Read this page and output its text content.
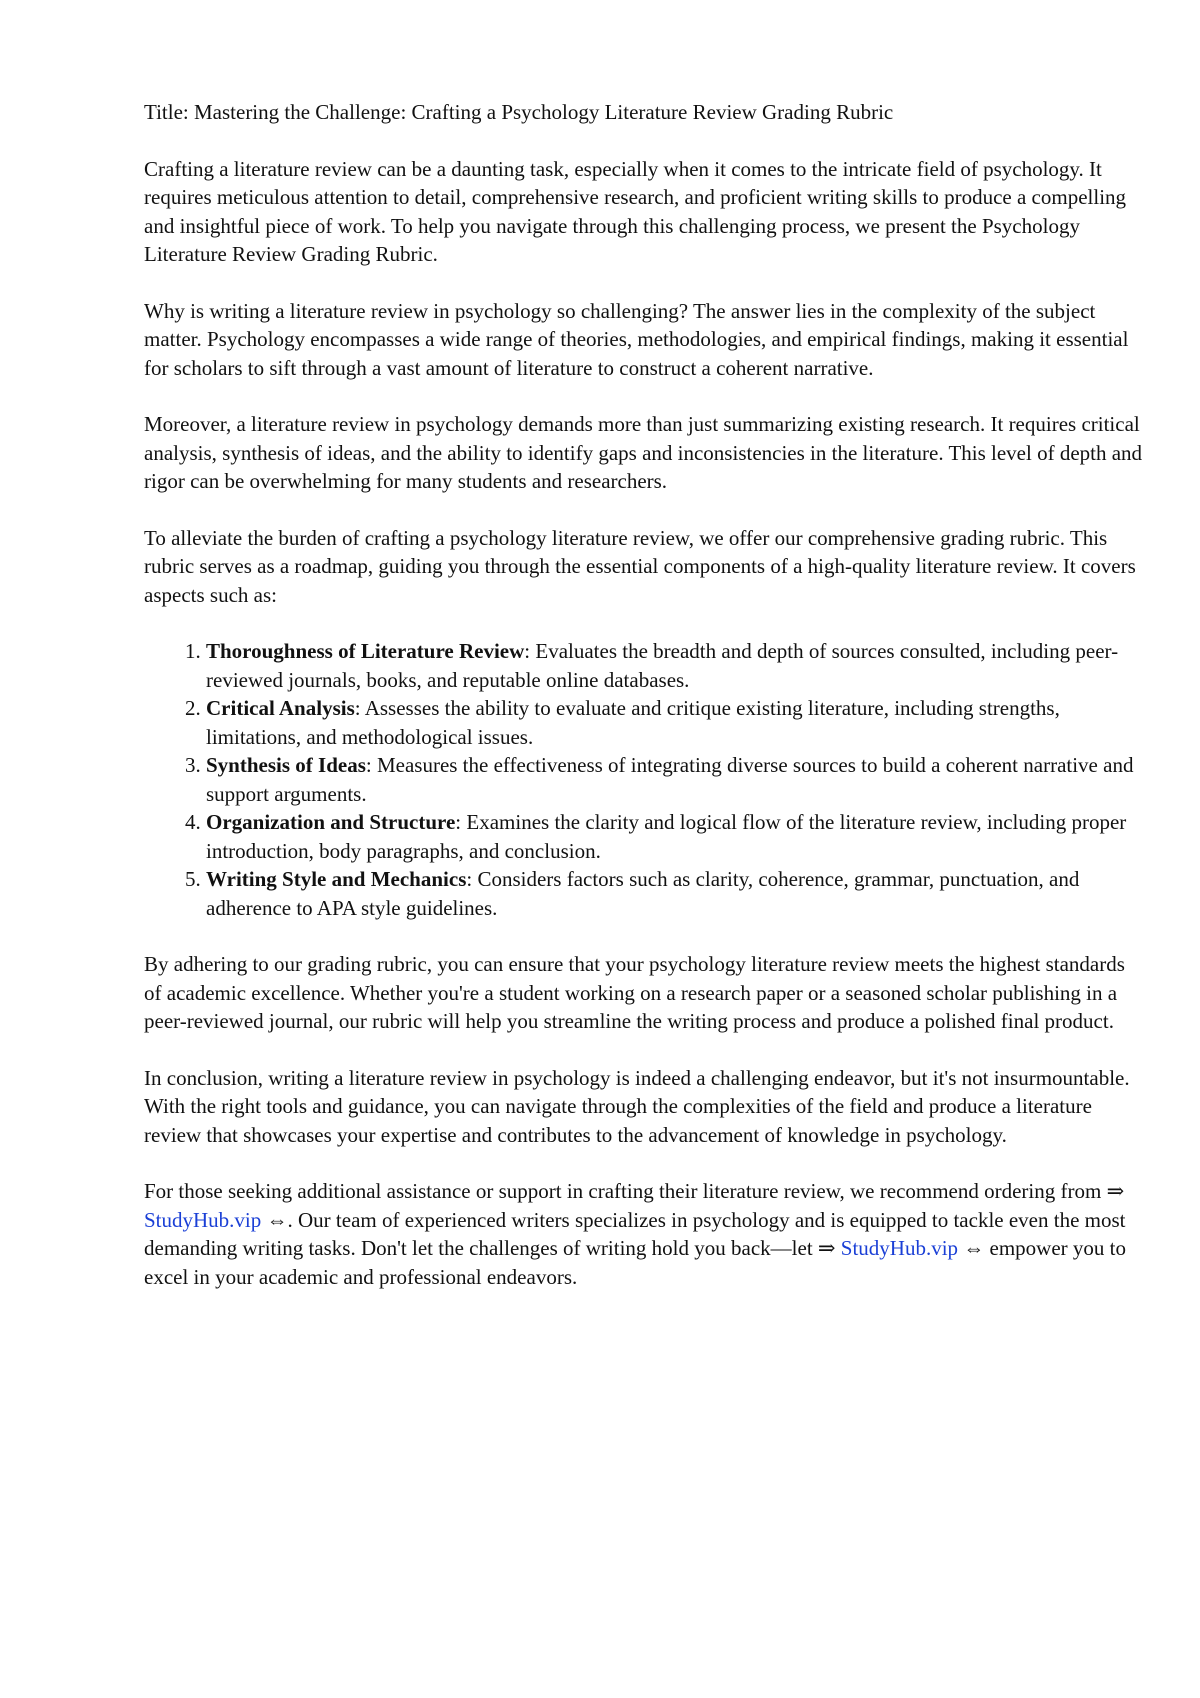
Title: Mastering the Challenge: Crafting a Psychology Literature Review Grading Rubric

Crafting a literature review can be a daunting task, especially when it comes to the intricate field of psychology. It requires meticulous attention to detail, comprehensive research, and proficient writing skills to produce a compelling and insightful piece of work. To help you navigate through this challenging process, we present the Psychology Literature Review Grading Rubric.

Why is writing a literature review in psychology so challenging? The answer lies in the complexity of the subject matter. Psychology encompasses a wide range of theories, methodologies, and empirical findings, making it essential for scholars to sift through a vast amount of literature to construct a coherent narrative.

Moreover, a literature review in psychology demands more than just summarizing existing research. It requires critical analysis, synthesis of ideas, and the ability to identify gaps and inconsistencies in the literature. This level of depth and rigor can be overwhelming for many students and researchers.

To alleviate the burden of crafting a psychology literature review, we offer our comprehensive grading rubric. This rubric serves as a roadmap, guiding you through the essential components of a high-quality literature review. It covers aspects such as:

1. Thoroughness of Literature Review: Evaluates the breadth and depth of sources consulted, including peer-reviewed journals, books, and reputable online databases.
2. Critical Analysis: Assesses the ability to evaluate and critique existing literature, including strengths, limitations, and methodological issues.
3. Synthesis of Ideas: Measures the effectiveness of integrating diverse sources to build a coherent narrative and support arguments.
4. Organization and Structure: Examines the clarity and logical flow of the literature review, including proper introduction, body paragraphs, and conclusion.
5. Writing Style and Mechanics: Considers factors such as clarity, coherence, grammar, punctuation, and adherence to APA style guidelines.

By adhering to our grading rubric, you can ensure that your psychology literature review meets the highest standards of academic excellence. Whether you're a student working on a research paper or a seasoned scholar publishing in a peer-reviewed journal, our rubric will help you streamline the writing process and produce a polished final product.

In conclusion, writing a literature review in psychology is indeed a challenging endeavor, but it's not insurmountable. With the right tools and guidance, you can navigate through the complexities of the field and produce a literature review that showcases your expertise and contributes to the advancement of knowledge in psychology.

For those seeking additional assistance or support in crafting their literature review, we recommend ordering from ⇒ StudyHub.vip ⇔. Our team of experienced writers specializes in psychology and is equipped to tackle even the most demanding writing tasks. Don't let the challenges of writing hold you back—let ⇒ StudyHub.vip ⇔ empower you to excel in your academic and professional endeavors.
